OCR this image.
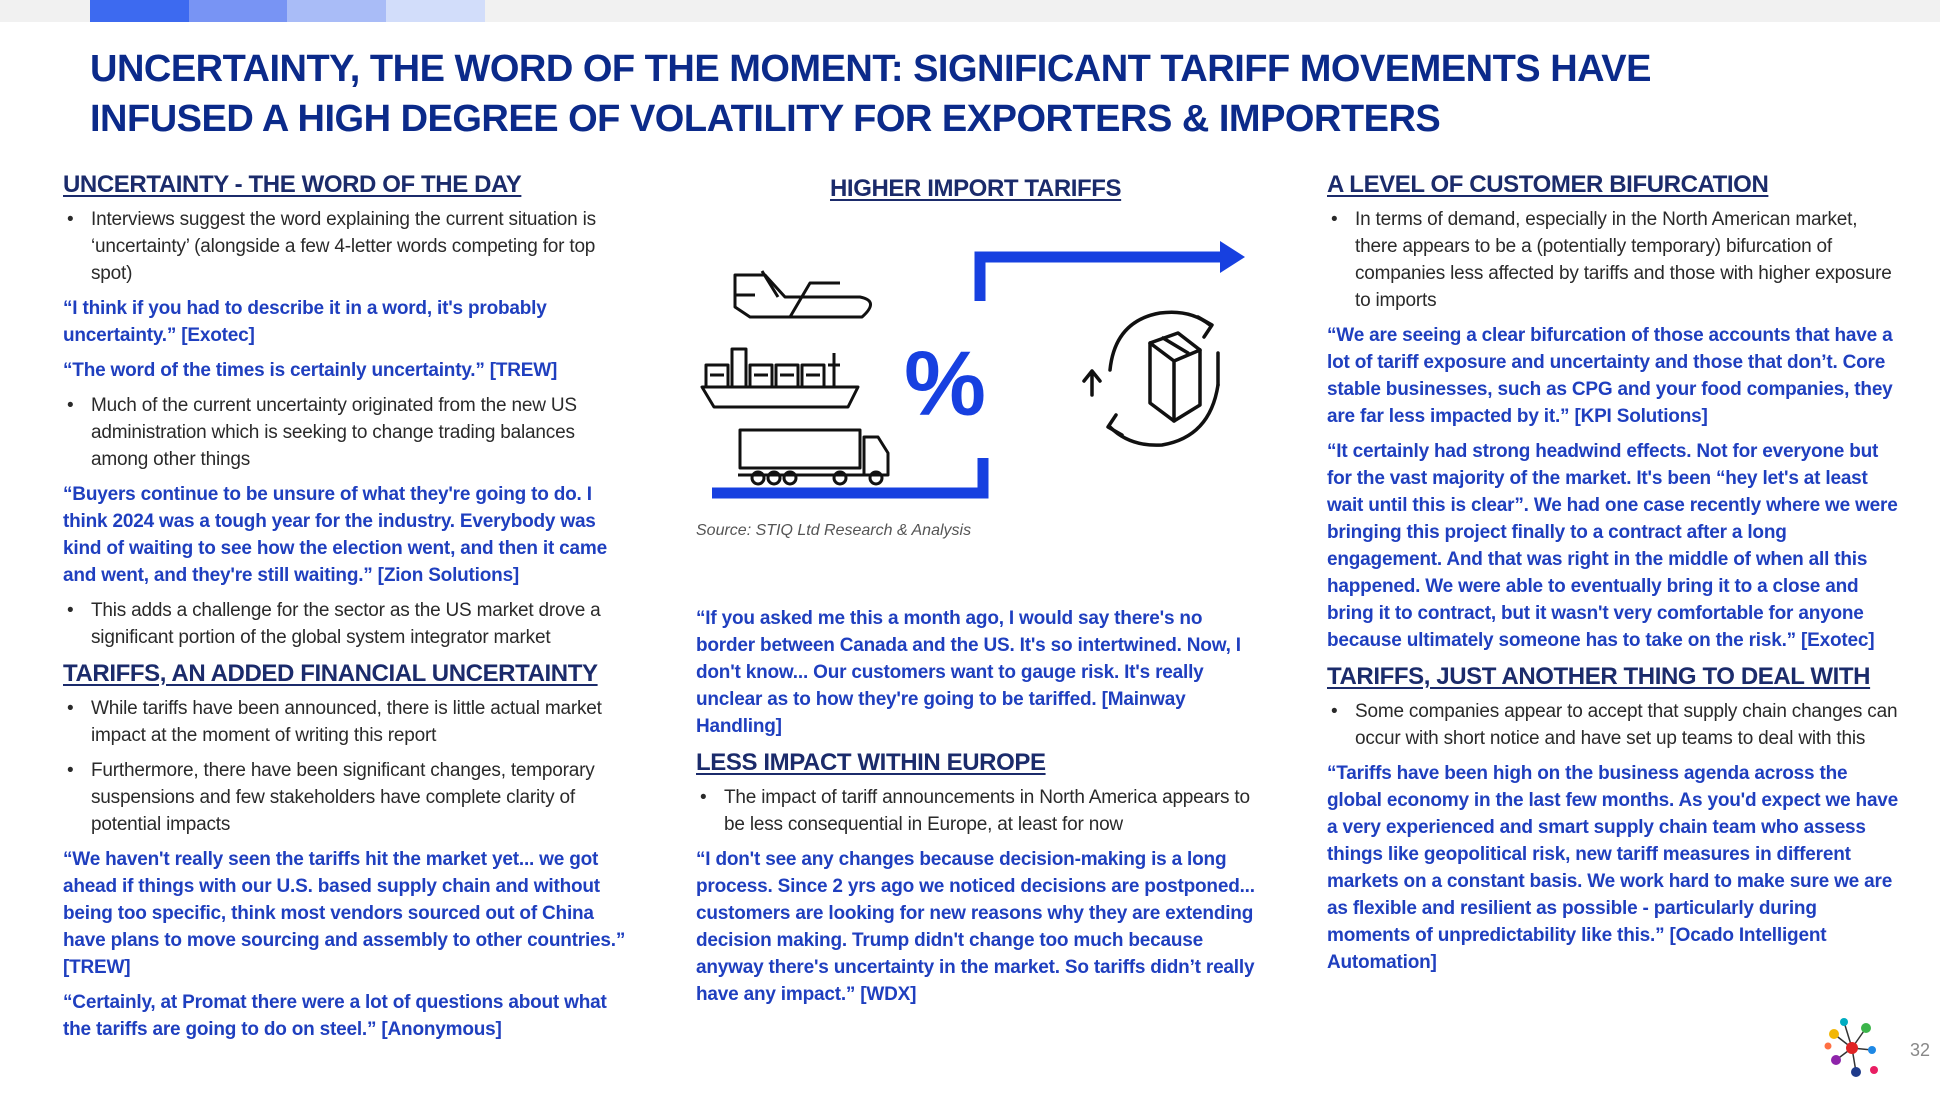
UNCERTAINTY, THE WORD OF THE MOMENT: SIGNIFICANT TARIFF MOVEMENTS HAVE
INFUSED A HIGH DEGREE OF VOLATILITY FOR EXPORTERS & IMPORTERS
UNCERTAINTY - THE WORD OF THE DAY
• Interviews suggest the word explaining the current situation is ‘uncertainty’ (alongside a few 4-letter words competing for top spot)
“I think if you had to describe it in a word, it's probably uncertainty.” [Exotec]
“The word of the times is certainly uncertainty.” [TREW]
• Much of the current uncertainty originated from the new US administration which is seeking to change trading balances among other things
“Buyers continue to be unsure of what they're going to do. I think 2024 was a tough year for the industry. Everybody was kind of waiting to see how the election went, and then it came and went, and they're still waiting.” [Zion Solutions]
• This adds a challenge for the sector as the US market drove a significant portion of the global system integrator market
TARIFFS, AN ADDED FINANCIAL UNCERTAINTY
• While tariffs have been announced, there is little actual market impact at the moment of writing this report
• Furthermore, there have been significant changes, temporary suspensions and few stakeholders have complete clarity of potential impacts
“We haven't really seen the tariffs hit the market yet... we got ahead if things with our U.S. based supply chain and without being too specific, think most vendors sourced out of China have plans to move sourcing and assembly to other countries.” [TREW]
“Certainly, at Promat there were a lot of questions about what the tariffs are going to do on steel.” [Anonymous]
HIGHER IMPORT TARIFFS
%
Source: STIQ Ltd Research & Analysis
“If you asked me this a month ago, I would say there's no border between Canada and the US. It's so intertwined. Now, I don't know... Our customers want to gauge risk. It's really unclear as to how they're going to be tariffed. [Mainway Handling]
LESS IMPACT WITHIN EUROPE
• The impact of tariff announcements in North America appears to be less consequential in Europe, at least for now
“I don't see any changes because decision-making is a long process. Since 2 yrs ago we noticed decisions are postponed... customers are looking for new reasons why they are extending decision making. Trump didn't change too much because anyway there's uncertainty in the market. So tariffs didn’t really have any impact.” [WDX]
A LEVEL OF CUSTOMER BIFURCATION
• In terms of demand, especially in the North American market, there appears to be a (potentially temporary) bifurcation of companies less affected by tariffs and those with higher exposure to imports
“We are seeing a clear bifurcation of those accounts that have a lot of tariff exposure and uncertainty and those that don’t. Core stable businesses, such as CPG and your food companies, they are far less impacted by it.” [KPI Solutions]
“It certainly had strong headwind effects. Not for everyone but for the vast majority of the market. It's been “hey let's at least wait until this is clear”. We had one case recently where we were bringing this project finally to a contract after a long engagement. And that was right in the middle of when all this happened. We were able to eventually bring it to a close and bring it to contract, but it wasn't very comfortable for anyone because ultimately someone has to take on the risk.” [Exotec]
TARIFFS, JUST ANOTHER THING TO DEAL WITH
• Some companies appear to accept that supply chain changes can occur with short notice and have set up teams to deal with this
“Tariffs have been high on the business agenda across the global economy in the last few months. As you'd expect we have a very experienced and smart supply chain team who assess things like geopolitical risk, new tariff measures in different markets on a constant basis. We work hard to make sure we are as flexible and resilient as possible - particularly during moments of unpredictability like this.” [Ocado Intelligent Automation]
32
